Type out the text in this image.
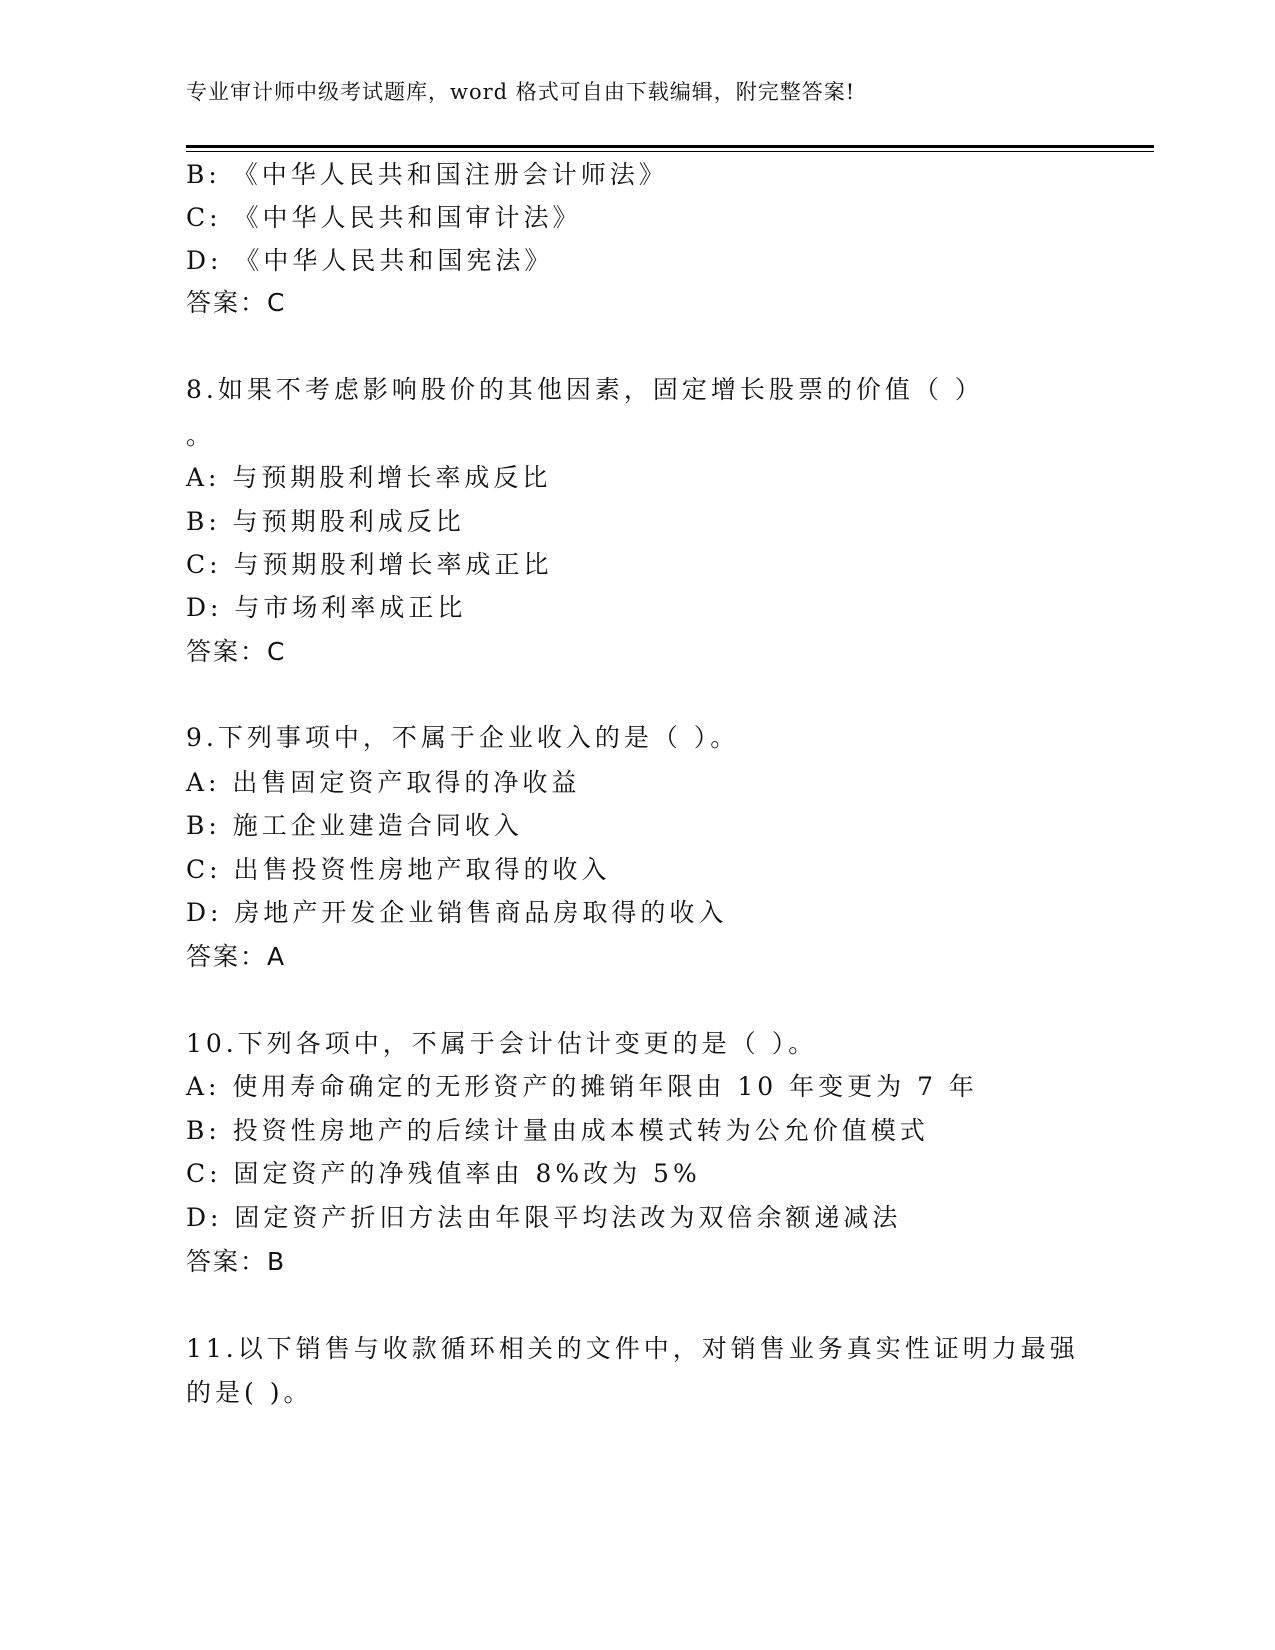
专业审计师中级考试题库，word 格式可自由下载编辑，附完整答案!
B: 《中华人民共和国注册会计师法》
C: 《中华人民共和国审计法》
D: 《中华人民共和国宪法》
答案：C
8.如果不考虑影响股价的其他因素，固定增长股票的价值（ ）
。
A: 与预期股利增长率成反比
B: 与预期股利成反比
C: 与预期股利增长率成正比
D: 与市场利率成正比
答案：C
9.下列事项中，不属于企业收入的是（ ）。
A: 出售固定资产取得的净收益
B: 施工企业建造合同收入
C: 出售投资性房地产取得的收入
D: 房地产开发企业销售商品房取得的收入
答案：A
10.下列各项中，不属于会计估计变更的是（ ）。
A: 使用寿命确定的无形资产的摊销年限由 10 年变更为 7 年
B: 投资性房地产的后续计量由成本模式转为公允价值模式
C: 固定资产的净残值率由 8%改为 5%
D: 固定资产折旧方法由年限平均法改为双倍余额递减法
答案：B
11.以下销售与收款循环相关的文件中，对销售业务真实性证明力最强
的是( )。
